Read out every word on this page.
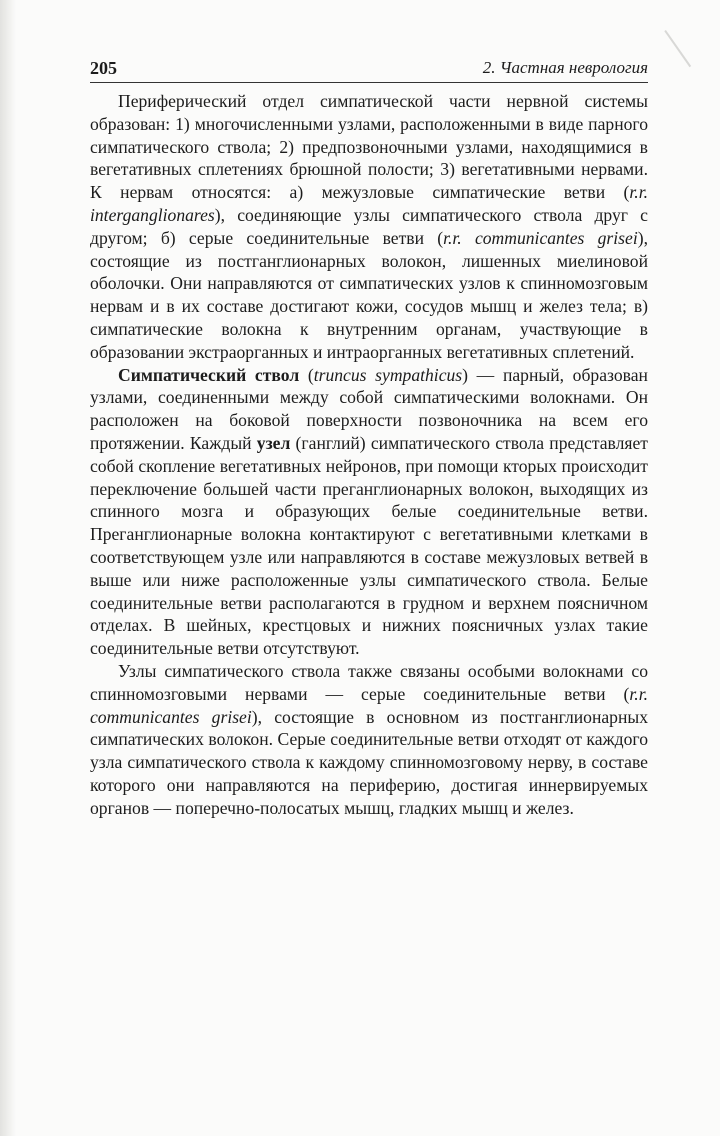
205	2. Частная неврология

Периферический отдел симпатической части нервной системы образован: 1) многочисленными узлами, расположенными в виде парного симпатического ствола; 2) предпозвоночными узлами, находящимися в вегетативных сплетениях брюшной полости; 3) вегетативными нервами. К нервам относятся: а) межузловые симпатические ветви (r.r. interganglionares), соединяющие узлы симпатического ствола друг с другом; б) серые соединительные ветви (r.r. communicantes grisei), состоящие из постганглионарных волокон, лишенных миелиновой оболочки. Они направляются от симпатических узлов к спинномозговым нервам и в их составе достигают кожи, сосудов мышц и желез тела; в) симпатические волокна к внутренним органам, участвующие в образовании экстраорганных и интраорганных вегетативных сплетений.

Симпатический ствол (truncus sympathicus) — парный, образован узлами, соединенными между собой симпатическими волокнами. Он расположен на боковой поверхности позвоночника на всем его протяжении. Каждый узел (ганглий) симпатического ствола представляет собой скопление вегетативных нейронов, при помощи кторых происходит переключение большей части преганглионарных волокон, выходящих из спинного мозга и образующих белые соединительные ветви. Преганглионарные волокна контактируют с вегетативными клетками в соответствующем узле или направляются в составе межузловых ветвей в выше или ниже расположенные узлы симпатического ствола. Белые соединительные ветви располагаются в грудном и верхнем поясничном отделах. В шейных, крестцовых и нижних поясничных узлах такие соединительные ветви отсутствуют.

Узлы симпатического ствола также связаны особыми волокнами со спинномозговыми нервами — серые соединительные ветви (r.r. communicantes grisei), состоящие в основном из постганглионарных симпатических волокон. Серые соединительные ветви отходят от каждого узла симпатического ствола к каждому спинномозговому нерву, в составе которого они направляются на периферию, достигая иннервируемых органов — поперечно-полосатых мышц, гладких мышц и желез.
